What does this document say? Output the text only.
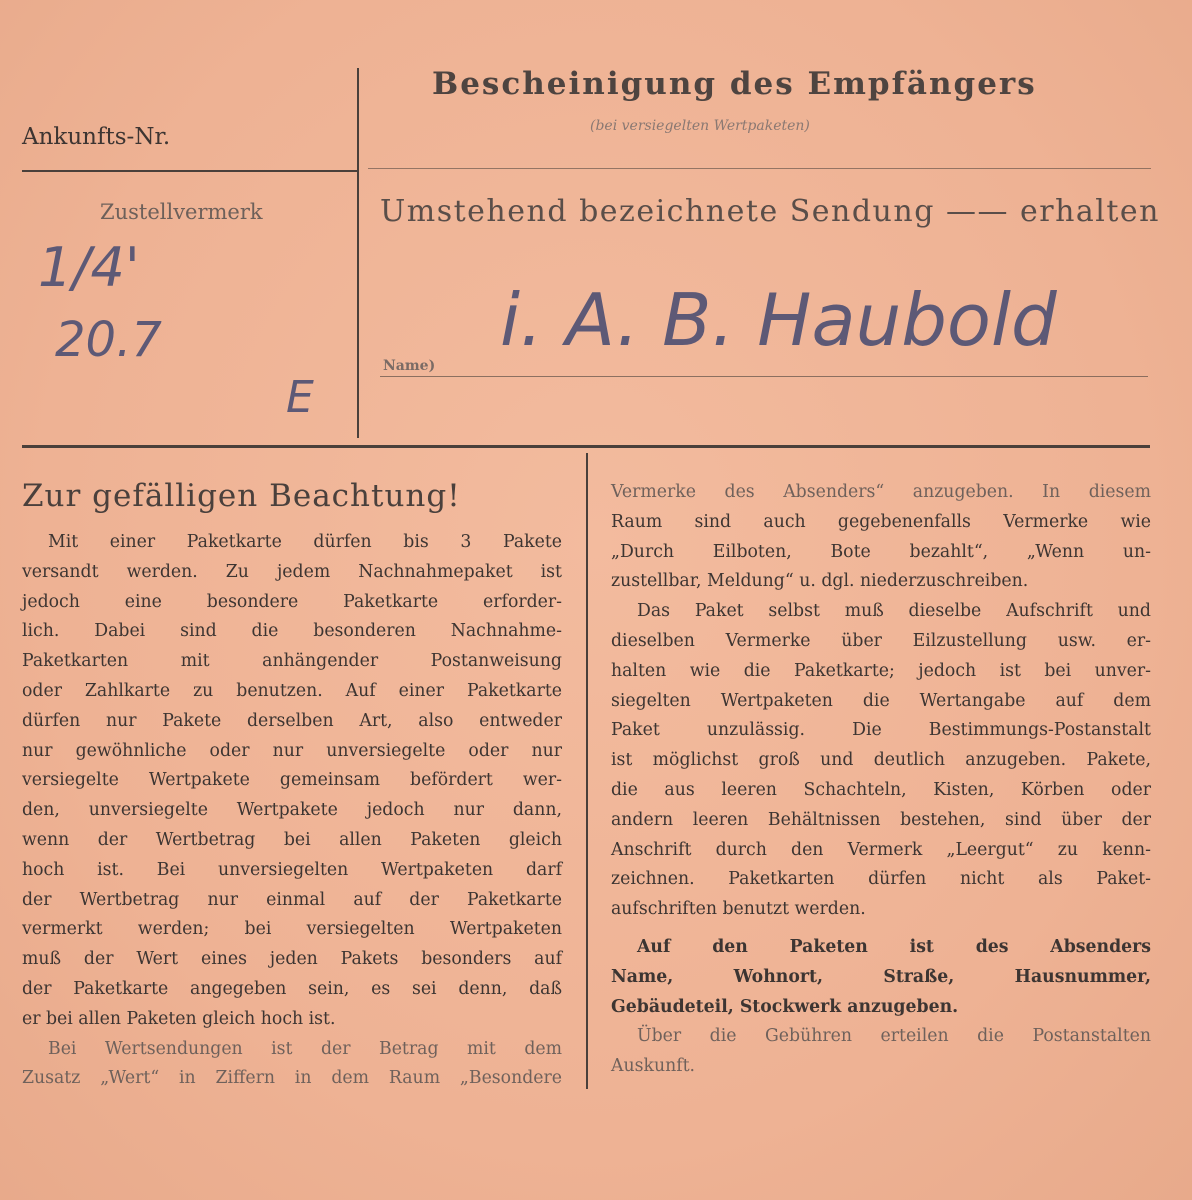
Bescheinigung des Empfängers
(bei versiegelten Wertpaketen)
Ankunfts-Nr.
Zustellvermerk	Umstehend bezeichnete Sendung —— erhalten
Name)
1/4'
20.7
E
i. A. B. Haubold
Zur gefälligen Beachtung!
Mit einer Paketkarte dürfen bis 3 Pakete
versandt werden. Zu jedem Nachnahmepaket ist
jedoch eine besondere Paketkarte erforder-
lich. Dabei sind die besonderen Nachnahme-
Paketkarten mit anhängender Postanweisung
oder Zahlkarte zu benutzen. Auf einer Paketkarte
dürfen nur Pakete derselben Art, also entweder
nur gewöhnliche oder nur unversiegelte oder nur
versiegelte Wertpakete gemeinsam befördert wer-
den, unversiegelte Wertpakete jedoch nur dann,
wenn der Wertbetrag bei allen Paketen gleich
hoch ist. Bei unversiegelten Wertpaketen darf
der Wertbetrag nur einmal auf der Paketkarte
vermerkt werden; bei versiegelten Wertpaketen
muß der Wert eines jeden Pakets besonders auf
der Paketkarte angegeben sein, es sei denn, daß
er bei allen Paketen gleich hoch ist.
Bei Wertsendungen ist der Betrag mit dem
Zusatz „Wert“ in Ziffern in dem Raum „Besondere
Vermerke des Absenders“ anzugeben. In diesem
Raum sind auch gegebenenfalls Vermerke wie
„Durch Eilboten, Bote bezahlt“, „Wenn un-
zustellbar, Meldung“ u. dgl. niederzuschreiben.
Das Paket selbst muß dieselbe Aufschrift und
dieselben Vermerke über Eilzustellung usw. er-
halten wie die Paketkarte; jedoch ist bei unver-
siegelten Wertpaketen die Wertangabe auf dem
Paket unzulässig. Die Bestimmungs-Postanstalt
ist möglichst groß und deutlich anzugeben. Pakete,
die aus leeren Schachteln, Kisten, Körben oder
andern leeren Behältnissen bestehen, sind über der
Anschrift durch den Vermerk „Leergut“ zu kenn-
zeichnen. Paketkarten dürfen nicht als Paket-
aufschriften benutzt werden.
Auf den Paketen ist des Absenders
Name, Wohnort, Straße, Hausnummer,
Gebäudeteil, Stockwerk anzugeben.
Über die Gebühren erteilen die Postanstalten
Auskunft.
